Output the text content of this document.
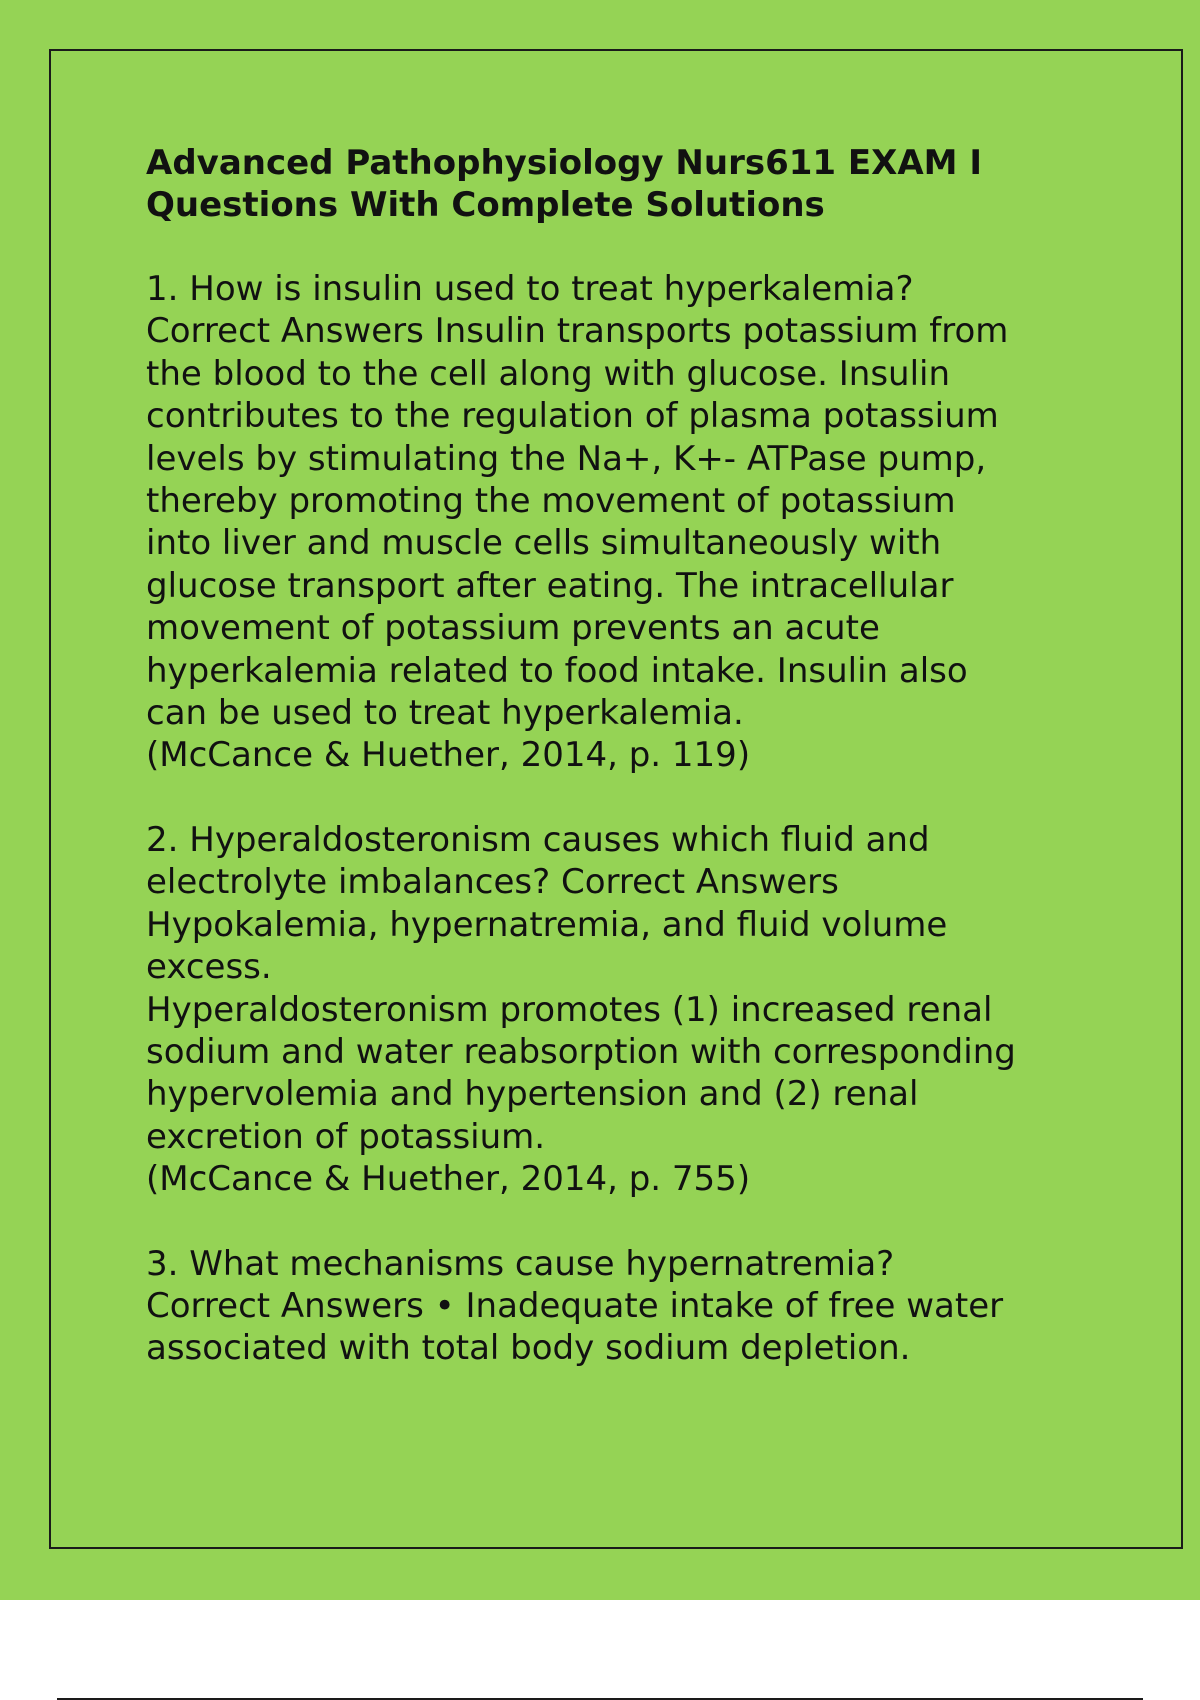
Advanced Pathophysiology Nurs611 EXAM I
Questions With Complete Solutions
1. How is insulin used to treat hyperkalemia?
Correct Answers Insulin transports potassium from
the blood to the cell along with glucose. Insulin
contributes to the regulation of plasma potassium
levels by stimulating the Na+, K+- ATPase pump,
thereby promoting the movement of potassium
into liver and muscle cells simultaneously with
glucose transport after eating. The intracellular
movement of potassium prevents an acute
hyperkalemia related to food intake. Insulin also
can be used to treat hyperkalemia.
(McCance & Huether, 2014, p. 119)
2. Hyperaldosteronism causes which fluid and
electrolyte imbalances? Correct Answers
Hypokalemia, hypernatremia, and fluid volume
excess.
Hyperaldosteronism promotes (1) increased renal
sodium and water reabsorption with corresponding
hypervolemia and hypertension and (2) renal
excretion of potassium.
(McCance & Huether, 2014, p. 755)
3. What mechanisms cause hypernatremia?
Correct Answers • Inadequate intake of free water
associated with total body sodium depletion.
